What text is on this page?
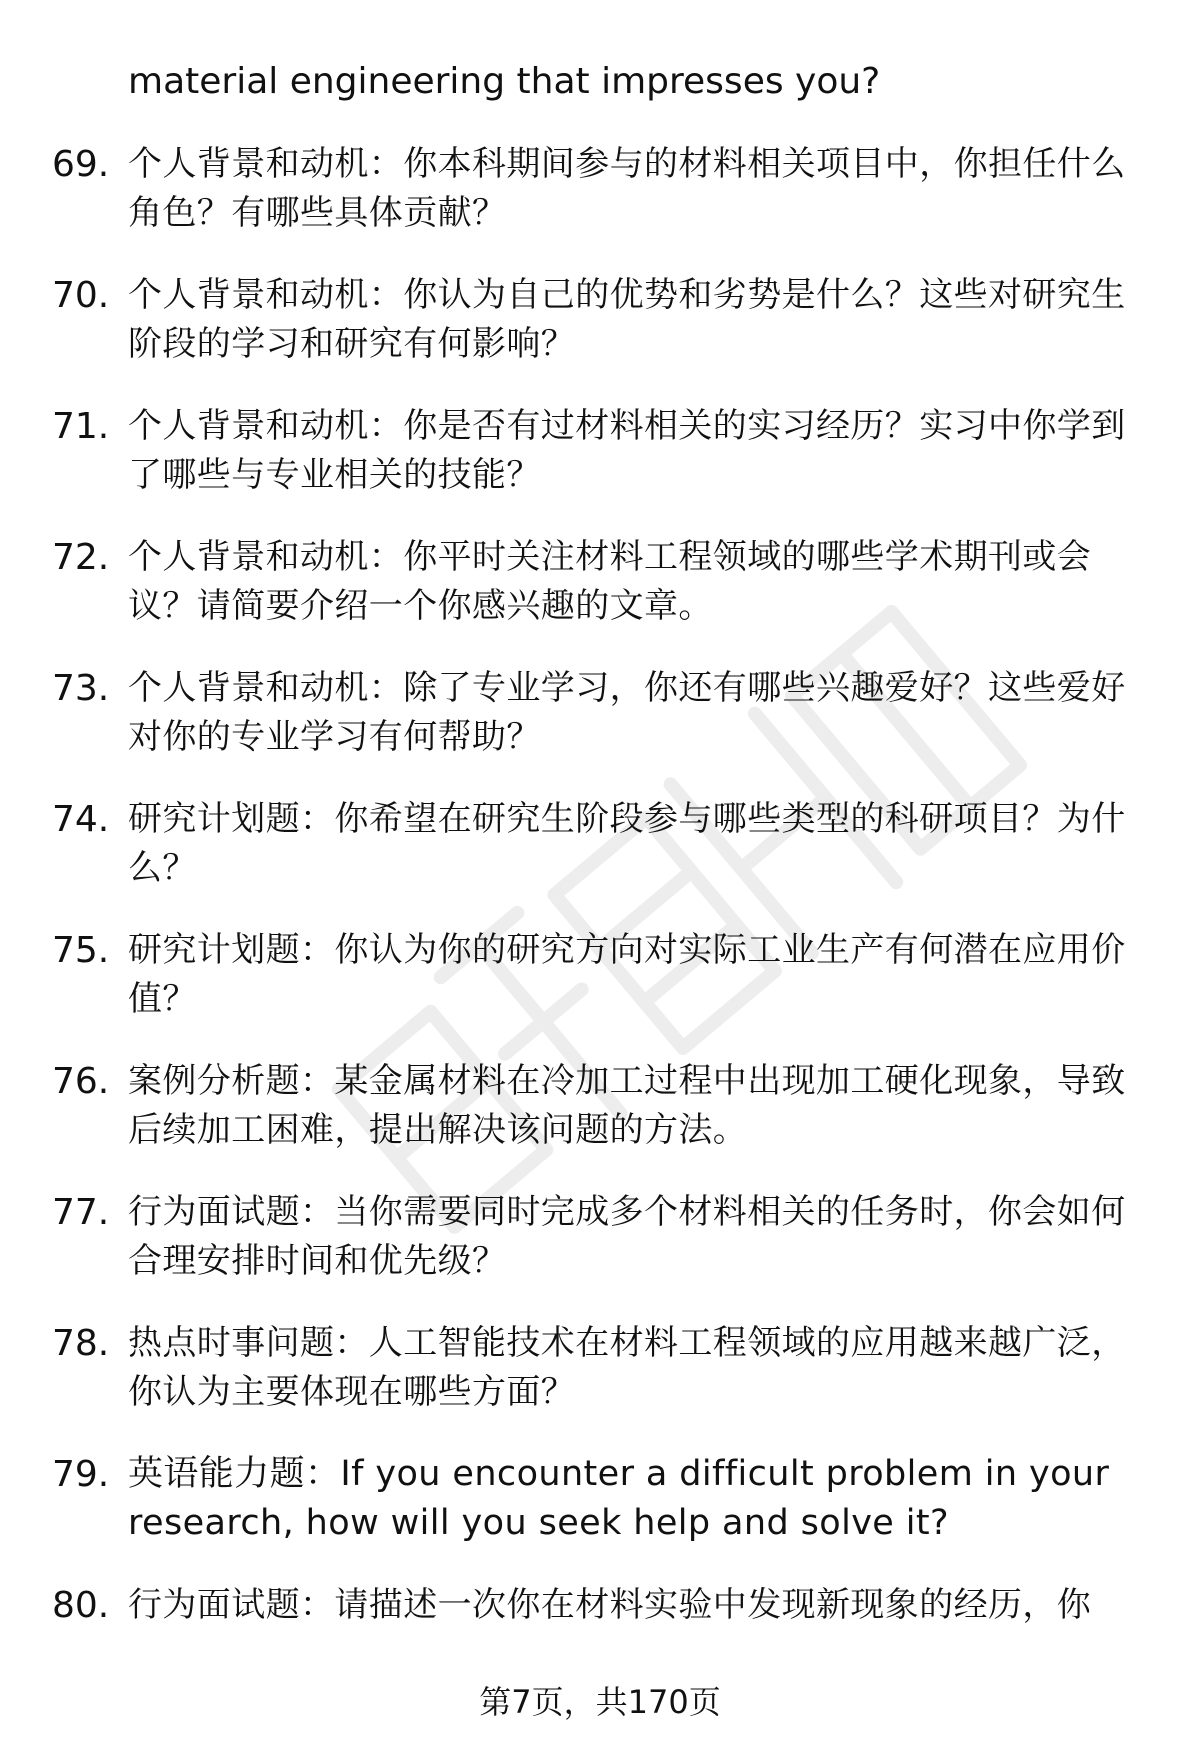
material engineering that impresses you?
69. 个人背景和动机：你本科期间参与的材料相关项目中，你担任什么角色？有哪些具体贡献？
70. 个人背景和动机：你认为自己的优势和劣势是什么？这些对研究生阶段的学习和研究有何影响？
71. 个人背景和动机：你是否有过材料相关的实习经历？实习中你学到了哪些与专业相关的技能？
72. 个人背景和动机：你平时关注材料工程领域的哪些学术期刊或会议？请简要介绍一个你感兴趣的文章。
73. 个人背景和动机：除了专业学习，你还有哪些兴趣爱好？这些爱好对你的专业学习有何帮助？
74. 研究计划题：你希望在研究生阶段参与哪些类型的科研项目？为什么？
75. 研究计划题：你认为你的研究方向对实际工业生产有何潜在应用价值？
76. 案例分析题：某金属材料在冷加工过程中出现加工硬化现象，导致后续加工困难，提出解决该问题的方法。
77. 行为面试题：当你需要同时完成多个材料相关的任务时，你会如何合理安排时间和优先级？
78. 热点时事问题：人工智能技术在材料工程领域的应用越来越广泛，你认为主要体现在哪些方面？
79. 英语能力题：If you encounter a difficult problem in your research, how will you seek help and solve it?
80. 行为面试题：请描述一次你在材料实验中发现新现象的经历，你
第7页，共170页
